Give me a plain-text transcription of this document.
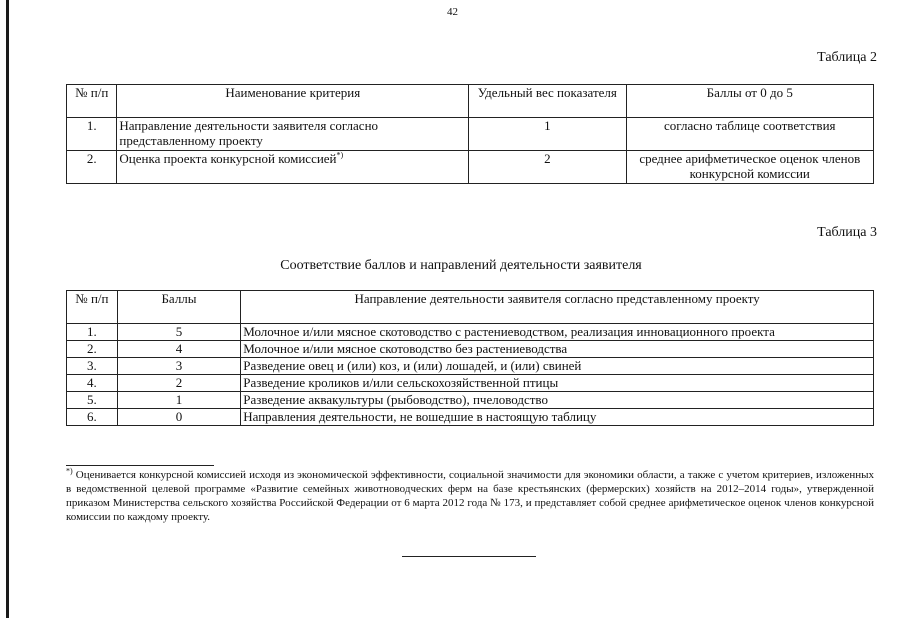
42
Таблица 2
№ п/п	Наименование критерия	Удельный вес показателя	Баллы от 0 до 5
1.	Направление деятельности заявителя согласно представленному проекту	1	согласно таблице соответствия
2.	Оценка проекта конкурсной комиссией*)	2	среднее арифметическое оценок членов конкурсной комиссии
Таблица 3
Соответствие баллов и направлений деятельности заявителя
№ п/п	Баллы	Направление деятельности заявителя согласно представленному проекту
1.	5	Молочное и/или мясное скотоводство с растениеводством, реализация инновационного проекта
2.	4	Молочное и/или мясное скотоводство без растениеводства
3.	3	Разведение овец и (или) коз, и (или) лошадей, и (или) свиней
4.	2	Разведение кроликов и/или сельскохозяйственной птицы
5.	1	Разведение аквакультуры (рыбоводство), пчеловодство
6.	0	Направления деятельности, не вошедшие в настоящую таблицу
*) Оценивается конкурсной комиссией исходя из экономической эффективности, социальной значимости для экономики области, а также с учетом критериев, изложенных в ведомственной целевой программе «Развитие семейных животноводческих ферм на базе крестьянских (фермерских) хозяйств на 2012–2014 годы», утвержденной приказом Министерства сельского хозяйства Российской Федерации от 6 марта 2012 года № 173, и представляет собой среднее арифметическое оценок членов конкурсной комиссии по каждому проекту.
